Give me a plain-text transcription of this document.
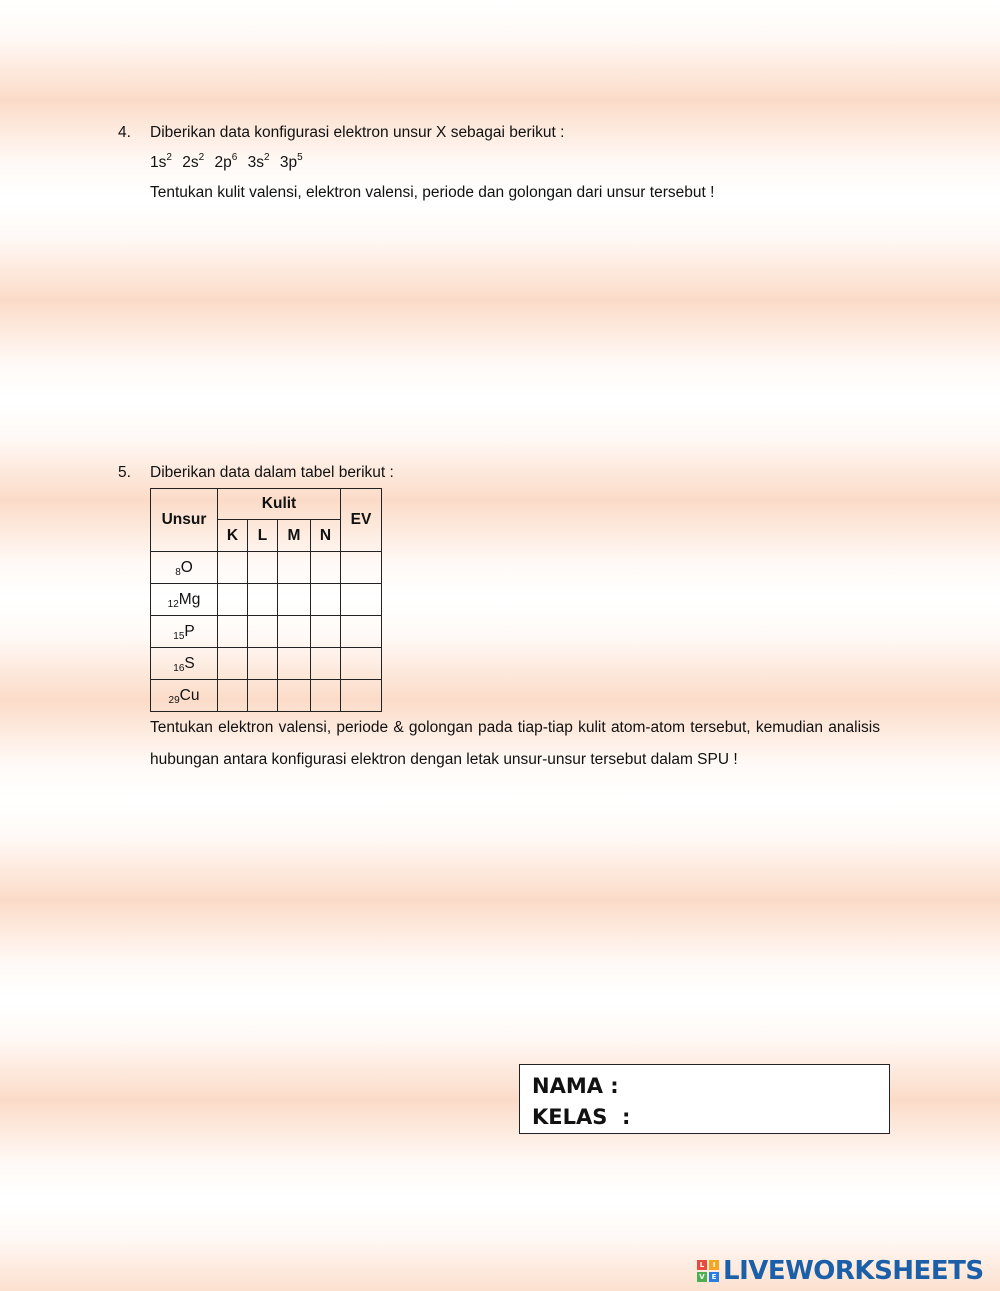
4. Diberikan data konfigurasi elektron unsur X sebagai berikut :
$1s^2$ $2s^2$ $2p^6$ $3s^2$ $3p^5$
Tentukan kulit valensi, elektron valensi, periode dan golongan dari unsur tersebut !
5. Diberikan data dalam tabel berikut :
Unsur	Kulit				EV
	K	L	M	N	
$_8$O					
$_{12}$Mg					
$_{15}$P					
$_{16}$S					
$_{29}$Cu					
Tentukan elektron valensi, periode & golongan pada tiap-tiap kulit atom-atom tersebut, kemudian analisis hubungan antara konfigurasi elektron dengan letak unsur-unsur tersebut dalam SPU !
NAMA :
KELAS  :
L	I
V E LIVEWORKSHEETS
